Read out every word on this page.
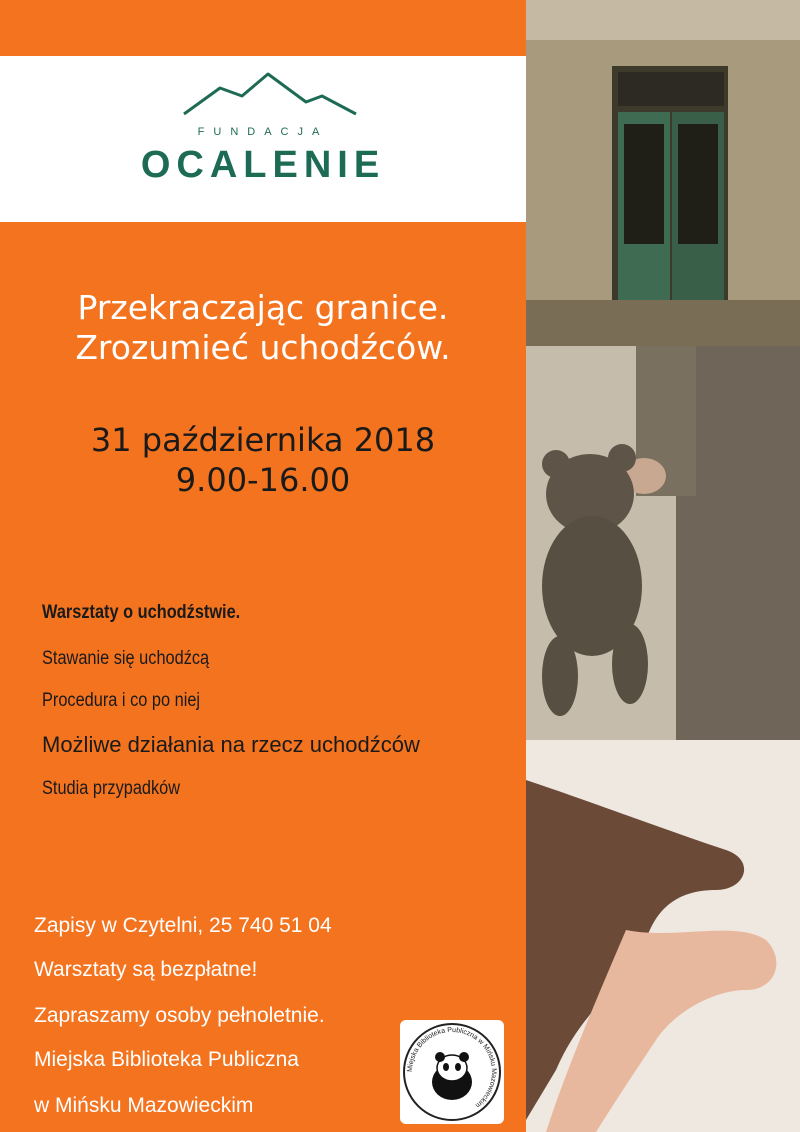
FUNDACJA
OCALENIE
Przekraczając granice.
Zrozumieć uchodźców.
31 października 2018
9.00-16.00
Warsztaty o uchodźstwie.
Stawanie się uchodźcą
Procedura i co po niej
Możliwe działania na rzecz uchodźców
Studia przypadków
Zapisy w Czytelni, 25 740 51 04
Warsztaty są bezpłatne!
Zapraszamy osoby pełnoletnie.
Miejska Biblioteka Publiczna
w Mińsku Mazowieckim
Miejska Biblioteka Publiczna w Mińsku Mazowieckim
